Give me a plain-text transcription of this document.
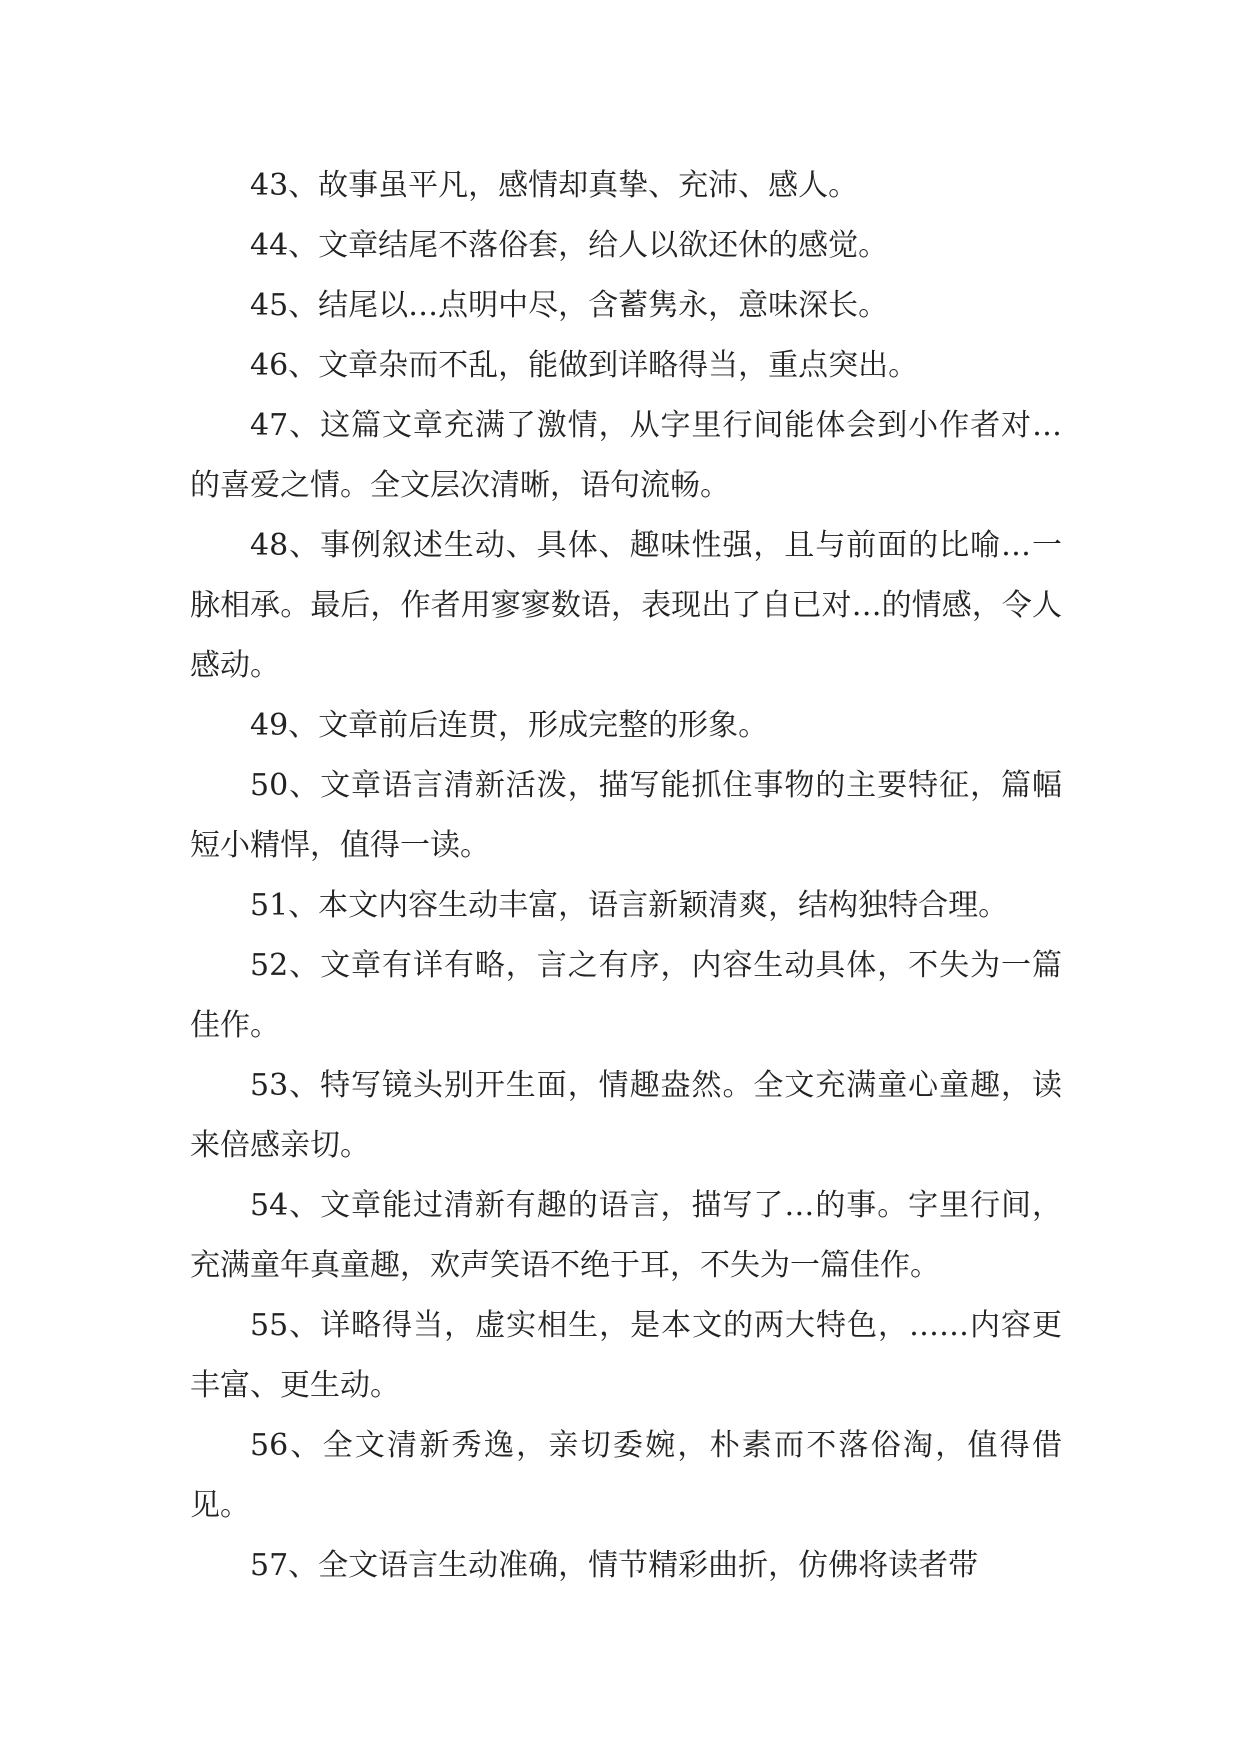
43、故事虽平凡，感情却真挚、充沛、感人。

44、文章结尾不落俗套，给人以欲还休的感觉。

45、结尾以…点明中尽，含蓄隽永，意味深长。

46、文章杂而不乱，能做到详略得当，重点突出。

47、这篇文章充满了激情，从字里行间能体会到小作者对…的喜爱之情。全文层次清晰，语句流畅。

48、事例叙述生动、具体、趣味性强，且与前面的比喻…一脉相承。最后，作者用寥寥数语，表现出了自已对…的情感，令人感动。

49、文章前后连贯，形成完整的形象。

50、文章语言清新活泼，描写能抓住事物的主要特征，篇幅短小精悍，值得一读。

51、本文内容生动丰富，语言新颖清爽，结构独特合理。

52、文章有详有略，言之有序，内容生动具体，不失为一篇佳作。

53、特写镜头别开生面，情趣盎然。全文充满童心童趣，读来倍感亲切。

54、文章能过清新有趣的语言，描写了…的事。字里行间，充满童年真童趣，欢声笑语不绝于耳，不失为一篇佳作。

55、详略得当，虚实相生，是本文的两大特色，……内容更丰富、更生动。

56、全文清新秀逸，亲切委婉，朴素而不落俗淘，值得借见。

57、全文语言生动准确，情节精彩曲折，仿佛将读者带
